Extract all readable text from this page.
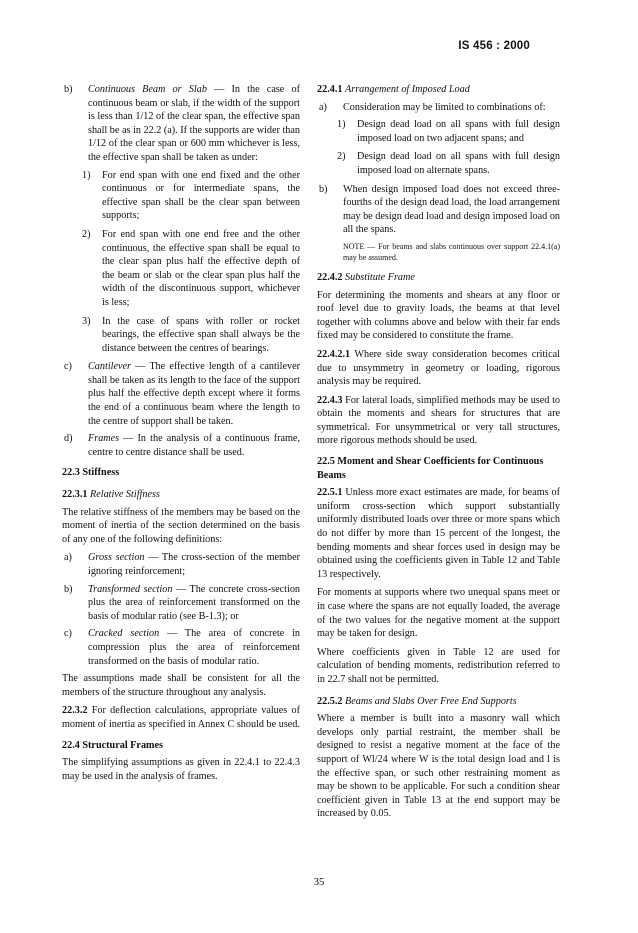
IS 456 : 2000
b) Continuous Beam or Slab — In the case of continuous beam or slab, if the width of the support is less than 1/12 of the clear span, the effective span shall be as in 22.2 (a). If the supports are wider than 1/12 of the clear span or 600 mm whichever is less, the effective span shall be taken as under:
1) For end span with one end fixed and the other continuous or for intermediate spans, the effective span shall be the clear span between supports;
2) For end span with one end free and the other continuous, the effective span shall be equal to the clear span plus half the effective depth of the beam or slab or the clear span plus half the width of the discontinuous support, whichever is less;
3) In the case of spans with roller or rocket bearings, the effective span shall always be the distance between the centres of bearings.
c) Cantilever — The effective length of a cantilever shall be taken as its length to the face of the support plus half the effective depth except where it forms the end of a continuous beam where the length to the centre of support shall be taken.
d) Frames — In the analysis of a continuous frame, centre to centre distance shall be used.
22.3 Stiffness
22.3.1 Relative Stiffness

The relative stiffness of the members may be based on the moment of inertia of the section determined on the basis of any one of the following definitions:

a) Gross section — The cross-section of the member ignoring reinforcement;
b) Transformed section — The concrete cross-section plus the area of reinforcement transformed on the basis of modular ratio (see B-1.3); or
c) Cracked section — The area of concrete in compression plus the area of reinforcement transformed on the basis of modular ratio.

The assumptions made shall be consistent for all the members of the structure throughout any analysis.

22.3.2 For deflection calculations, appropriate values of moment of inertia as specified in Annex C should be used.

22.4 Structural Frames

The simplifying assumptions as given in 22.4.1 to 22.4.3 may be used in the analysis of frames.

22.4.1 Arrangement of Imposed Load
a) Consideration may be limited to combinations of:
1) Design dead load on all spans with full design imposed load on two adjacent spans; and
2) Design dead load on all spans with full design imposed load on alternate spans.
b) When design imposed load does not exceed three-fourths of the design dead load, the load arrangement may be design dead load and design imposed load on all the spans.
NOTE — For beams and slabs continuous over support 22.4.1(a) may be assumed.
22.4.2 Substitute Frame

For determining the moments and shears at any floor or roof level due to gravity loads, the beams at that level together with columns above and below with their far ends fixed may be considered to constitute the frame.

22.4.2.1 Where side sway consideration becomes critical due to unsymmetry in geometry or loading, rigorous analysis may be required.

22.4.3 For lateral loads, simplified methods may be used to obtain the moments and shears for structures that are symmetrical. For unsymmetrical or very tall structures, more rigorous methods should be used.

22.5 Moment and Shear Coefficients for Continuous Beams

22.5.1 Unless more exact estimates are made, for beams of uniform cross-section which support substantially uniformly distributed loads over three or more spans which do not differ by more than 15 percent of the longest, the bending moments and shear forces used in design may be obtained using the coefficients given in Table 12 and Table 13 respectively.

For moments at supports where two unequal spans meet or in case where the spans are not equally loaded, the average of the two values for the negative moment at the support may be taken for design.

Where coefficients given in Table 12 are used for calculation of bending moments, redistribution referred to in 22.7 shall not be permitted.

22.5.2 Beams and Slabs Over Free End Supports

Where a member is built into a masonry wall which develops only partial restraint, the member shall be designed to resist a negative moment at the face of the support of Wl/24 where W is the total design load and l is the effective span, or such other restraining moment as may be shown to be applicable. For such a condition shear coefficient given in Table 13 at the end support may be increased by 0.05.

35
